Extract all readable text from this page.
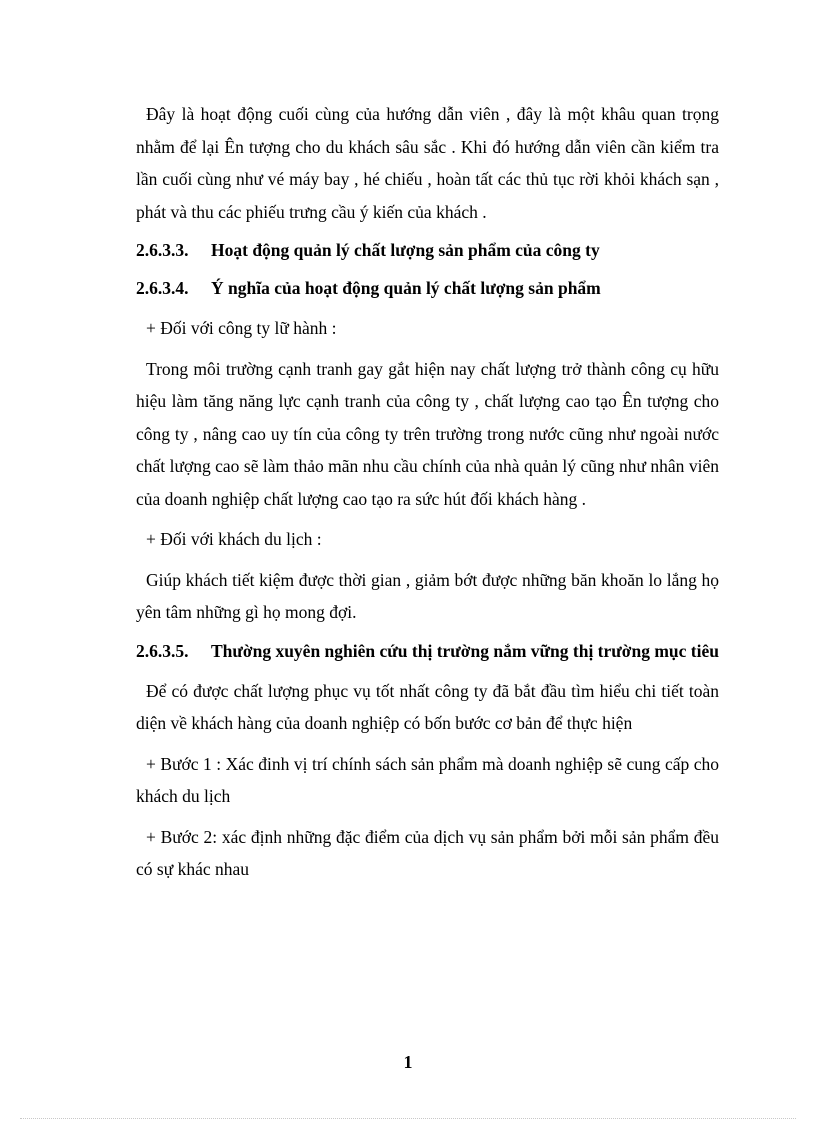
Đây là hoạt động cuối cùng của hướng dẫn viên , đây là một khâu quan trọng nhằm để lại Ên tượng cho du khách sâu sắc . Khi đó hướng dẫn viên cần kiểm tra lần cuối cùng như vé máy bay , hé chiếu , hoàn tất các thủ tục rời khỏi khách sạn , phát và thu các phiếu trưng cầu ý kiến của khách .

2.6.3.3.	Hoạt động quản lý chất lượng sản phẩm của công ty
2.6.3.4.	Ý nghĩa của hoạt động quản lý chất lượng sản phẩm

+ Đối với công ty lữ hành :

Trong môi trường cạnh tranh gay gắt hiện nay chất lượng trở thành công cụ hữu hiệu làm tăng năng lực cạnh tranh của công ty , chất lượng cao tạo Ên tượng cho công ty , nâng cao uy tín của công ty trên trường trong nước cũng như ngoài nước chất lượng cao sẽ làm thảo mãn nhu cầu chính của nhà quản lý cũng như nhân viên của doanh nghiệp chất lượng cao tạo ra sức hút đối khách hàng .

+ Đối với khách du lịch :

Giúp khách tiết kiệm được thời gian , giảm bớt được những băn khoăn lo lắng họ yên tâm những gì họ mong đợi.

2.6.3.5.	Thường xuyên nghiên cứu thị trường nắm vững thị trường mục tiêu

Để có được chất lượng phục vụ tốt nhất công ty đã bắt đầu tìm hiểu chi tiết toàn diện về khách hàng của doanh nghiệp có bốn bước cơ bản để thực hiện

+ Bước 1 : Xác đinh vị trí chính sách sản phẩm mà doanh nghiệp sẽ cung cấp cho khách du lịch

+ Bước 2: xác định những đặc điểm của dịch vụ sản phẩm bởi mỗi sản phẩm đều có sự khác nhau

1
